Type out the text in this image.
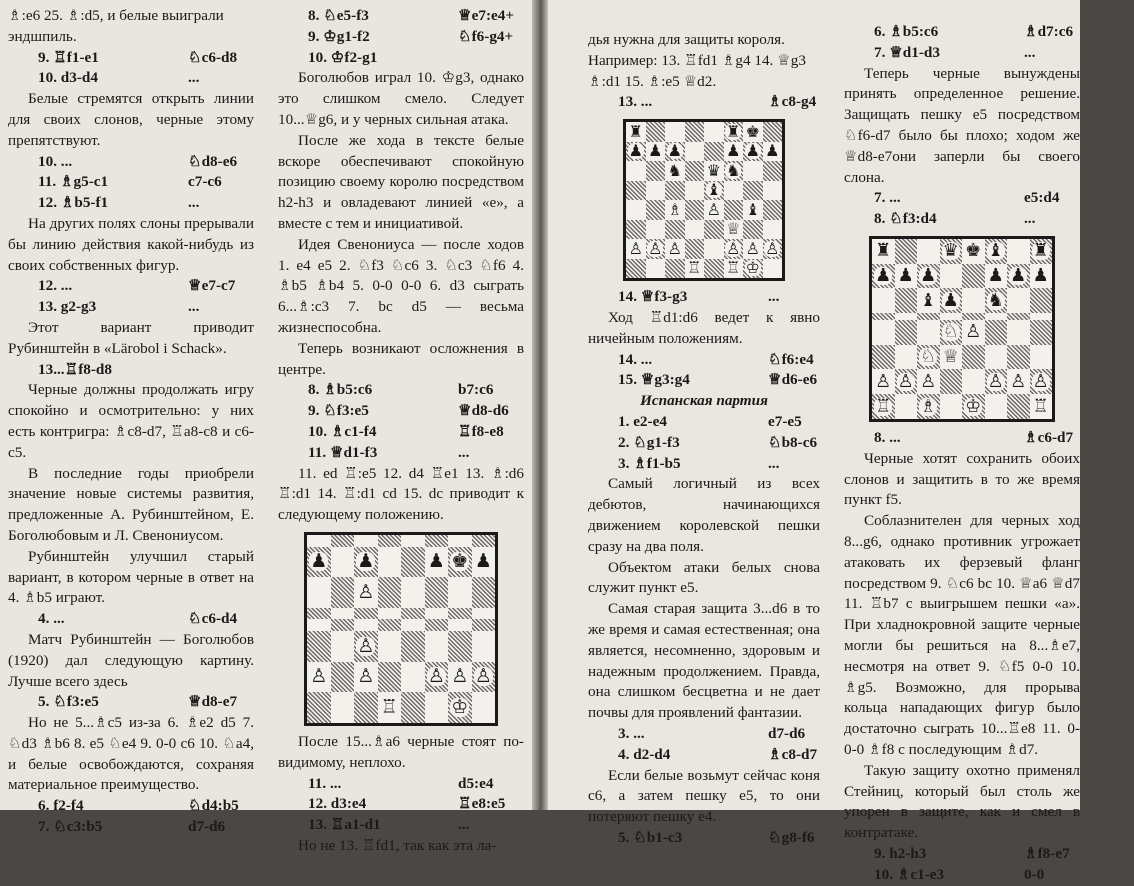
♗:e6 25. ♗:d5, и белые выиграли эндшпиль.

9. ♖f1-e1	♘c6-d8
10. d3-d4	...

Белые стремятся открыть линии для своих слонов, черные этому препятствуют.

10. ...	♘d8-e6
11. ♗g5-c1	c7-c6
12. ♗b5-f1	...

На других полях слоны прерывали бы линию действия какой-нибудь из своих собственных фигур.

12. ...	♕e7-c7
13. g2-g3	...

Этот вариант приводит Рубинштейн в «Lärobol i Schack».

13...♖f8-d8

Черные должны продолжать игру спокойно и осмотрительно: у них есть контригра: ♗c8-d7, ♖a8-c8 и c6-c5.

В последние годы приобрели значение новые системы развития, предложенные А. Рубинштейном, Е. Боголюбовым и Л. Свенониусом.

Рубинштейн улучшил старый вариант, в котором черные в ответ на 4. ♗b5 играют.

4. ...	♘c6-d4

Матч Рубинштейн — Боголюбов (1920) дал следующую картину. Лучше всего здесь

5. ♘f3:e5	♕d8-e7

Но не 5...♗c5 из-за 6. ♗e2 d5 7. ♘d3 ♗b6 8. e5 ♘e4 9. 0-0 c6 10. ♘a4, и белые освобождаются, сохраняя материальное преимущество.

6. f2-f4	♘d4:b5
7. ♘c3:b5	d7-d6
8. ♘e5-f3	♕e7:e4+
9. ♔g1-f2	♘f6-g4+
10. ♔f2-g1

Боголюбов играл 10. ♔g3, однако это слишком смело. Следует 10...♕g6, и у черных сильная атака.

После же хода в тексте белые вскоре обеспечивают спокойную позицию своему королю посредством h2-h3 и овладевают линией «e», а вместе с тем и инициативой.

Идея Свенониуса — после ходов 1. e4 e5 2. ♘f3 ♘c6 3. ♘c3 ♘f6 4. ♗b5 ♗b4 5. 0-0 0-0 6. d3 сыграть 6...♗:c3 7. bc d5 — весьма жизнеспособна.

Теперь возникают осложнения в центре.

8. ♗b5:c6	b7:c6
9. ♘f3:e5	♕d8-d6
10. ♗c1-f4	♖f8-e8
11. ♕d1-f3	...

11. ed ♖:e5 12. d4 ♖e1 13. ♗:d6 ♖:d1 14. ♖:d1 cd 15. dc приводит к следующему положению.

♟ ♟	♟ ♚ ♟
♙
♙
♙ ♙	♙ ♙ ♙
♖	♔

После 15...♗a6 черные стоят по-видимому, неплохо.

11. ...	d5:e4
12. d3:e4	♖e8:e5
13. ♖a1-d1	...

Но не 13. ♖fd1, так как эта ла-

дья нужна для защиты короля. Например: 13. ♖fd1 ♗g4 14. ♕g3 ♗:d1 15. ♗:e5 ♕d2.

13. ...	♗c8-g4
♜	♜ ♚
♟ ♟ ♟	♟ ♟ ♟
♞ ♛ ♞
♝
♗ ♙ ♝
♕
♙ ♙ ♙	♙ ♙ ♙
♖ ♖ ♔
14. ♕f3-g3	...

Ход ♖d1:d6 ведет к явно ничейным положениям.

14. ...	♘f6:e4
15. ♕g3:g4	♕d6-e6

Испанская партия

1. e2-e4	e7-e5
2. ♘g1-f3	♘b8-c6
3. ♗f1-b5	...

Самый логичный из всех дебютов, начинающихся движением королевской пешки сразу на два поля.

Объектом атаки белых снова служит пункт e5.

Самая старая защита 3...d6 в то же время и самая естественная; она является, несомненно, здоровым и надежным продолжением. Правда, она слишком бесцветна и не дает почвы для проявлений фантазии.

3. ...	d7-d6
4. d2-d4	♗c8-d7

Если белые возьмут сейчас коня c6, а затем пешку e5, то они потеряют пешку e4.

5. ♘b1-c3	♘g8-f6
6. ♗b5:c6	♗d7:c6
7. ♕d1-d3	...

Теперь черные вынуждены принять определенное решение. Защищать пешку e5 посредством ♘f6-d7 было бы плохо; ходом же ♕d8-e7они заперли бы своего слона.

7. ...	e5:d4
8. ♘f3:d4	...
♜	♛ ♚ ♝ ♜
♟ ♟ ♟	♟ ♟ ♟
♝ ♟ ♞
♘ ♙
♘ ♕
♙ ♙ ♙	♙ ♙ ♙
♖ ♗ ♔	♖
8. ...	♗c6-d7

Черные хотят сохранить обоих слонов и защитить в то же время пункт f5.

Соблазнителен для черных ход 8...g6, однако противник угрожает атаковать их ферзевый фланг посредством 9. ♘c6 bc 10. ♕a6 ♕d7 11. ♖b7 с выигрышем пешки «a». При хладнокровной защите черные могли бы решиться на 8...♗e7, несмотря на ответ 9. ♘f5 0-0 10. ♗g5. Возможно, для прорыва кольца нападающих фигур было достаточно сыграть 10...♖e8 11. 0-0-0 ♗f8 с последующим ♗d7.

Такую защиту охотно применял Стейниц, который был столь же упорен в защите, как и смел в контратаке.

9. h2-h3	♗f8-e7
10. ♗c1-e3	0-0
